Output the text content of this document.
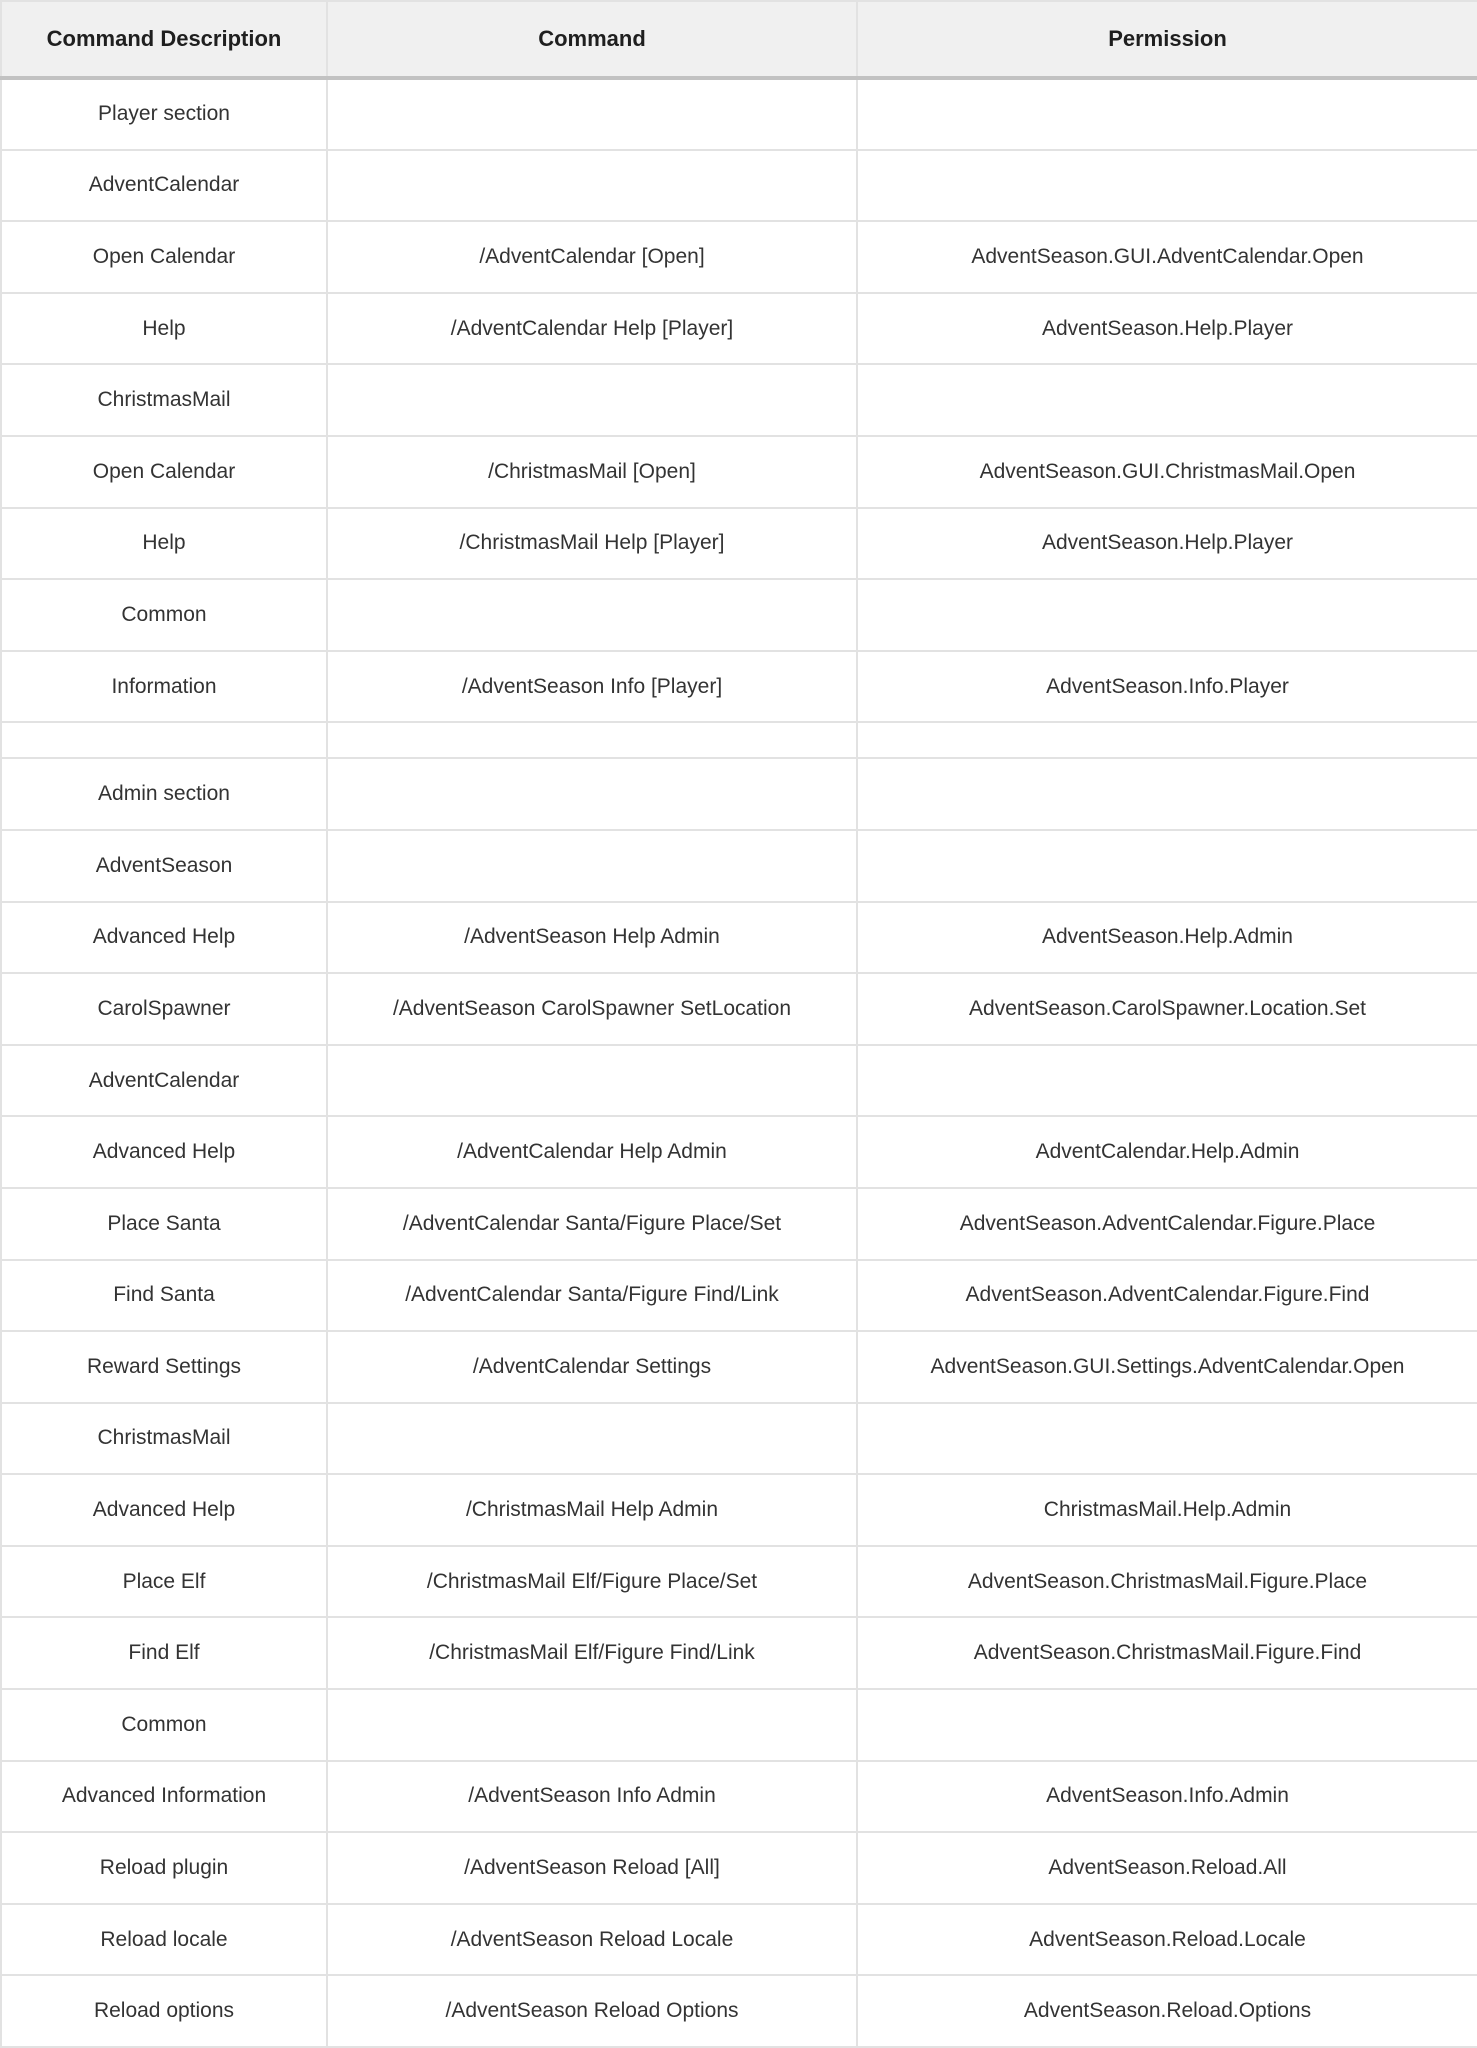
Command Description	Command	Permission
Player section		
AdventCalendar		
Open Calendar	/AdventCalendar [Open]	AdventSeason.GUI.AdventCalendar.Open
Help	/AdventCalendar Help [Player]	AdventSeason.Help.Player
ChristmasMail		
Open Calendar	/ChristmasMail [Open]	AdventSeason.GUI.ChristmasMail.Open
Help	/ChristmasMail Help [Player]	AdventSeason.Help.Player
Common		
Information	/AdventSeason Info [Player]	AdventSeason.Info.Player

Admin section		
AdventSeason		
Advanced Help	/AdventSeason Help Admin	AdventSeason.Help.Admin
CarolSpawner	/AdventSeason CarolSpawner SetLocation	AdventSeason.CarolSpawner.Location.Set
AdventCalendar		
Advanced Help	/AdventCalendar Help Admin	AdventCalendar.Help.Admin
Place Santa	/AdventCalendar Santa/Figure Place/Set	AdventSeason.AdventCalendar.Figure.Place
Find Santa	/AdventCalendar Santa/Figure Find/Link	AdventSeason.AdventCalendar.Figure.Find
Reward Settings	/AdventCalendar Settings	AdventSeason.GUI.Settings.AdventCalendar.Open
ChristmasMail		
Advanced Help	/ChristmasMail Help Admin	ChristmasMail.Help.Admin
Place Elf	/ChristmasMail Elf/Figure Place/Set	AdventSeason.ChristmasMail.Figure.Place
Find Elf	/ChristmasMail Elf/Figure Find/Link	AdventSeason.ChristmasMail.Figure.Find
Common		
Advanced Information	/AdventSeason Info Admin	AdventSeason.Info.Admin
Reload plugin	/AdventSeason Reload [All]	AdventSeason.Reload.All
Reload locale	/AdventSeason Reload Locale	AdventSeason.Reload.Locale
Reload options	/AdventSeason Reload Options	AdventSeason.Reload.Options
